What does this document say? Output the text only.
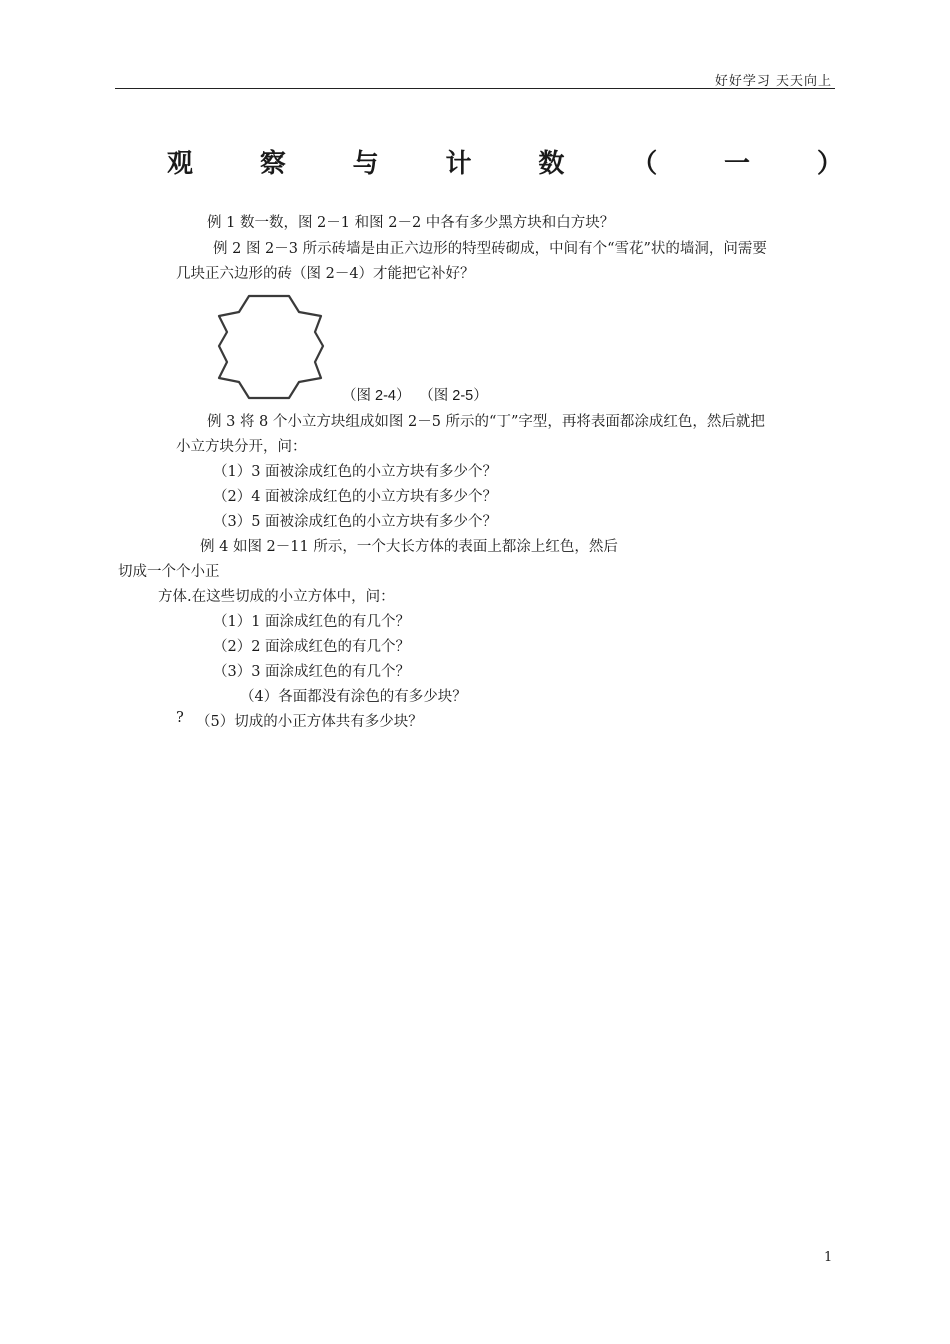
好好学习 天天向上
观	察	与	计	数	（	一	）
例 1 数一数，图 2－1 和图 2－2 中各有多少黑方块和白方块？
例 2 图 2－3 所示砖墙是由正六边形的特型砖砌成，中间有个“雪花”状的墙洞，问需要
几块正六边形的砖（图 2－4）才能把它补好？
（图 2-4） （图 2-5）
例 3 将 8 个小立方块组成如图 2－5 所示的“丁”字型，再将表面都涂成红色，然后就把
小立方块分开，问：
（1）3 面被涂成红色的小立方块有多少个？
（2）4 面被涂成红色的小立方块有多少个？
（3）5 面被涂成红色的小立方块有多少个？
例 4 如图 2－11 所示，一个大长方体的表面上都涂上红色，然后
切成一个个小正
方体.在这些切成的小立方体中，问：
（1）1 面涂成红色的有几个？
（2）2 面涂成红色的有几个？
（3）3 面涂成红色的有几个？
（4）各面都没有涂色的有多少块？
? （5）切成的小正方体共有多少块？
1
